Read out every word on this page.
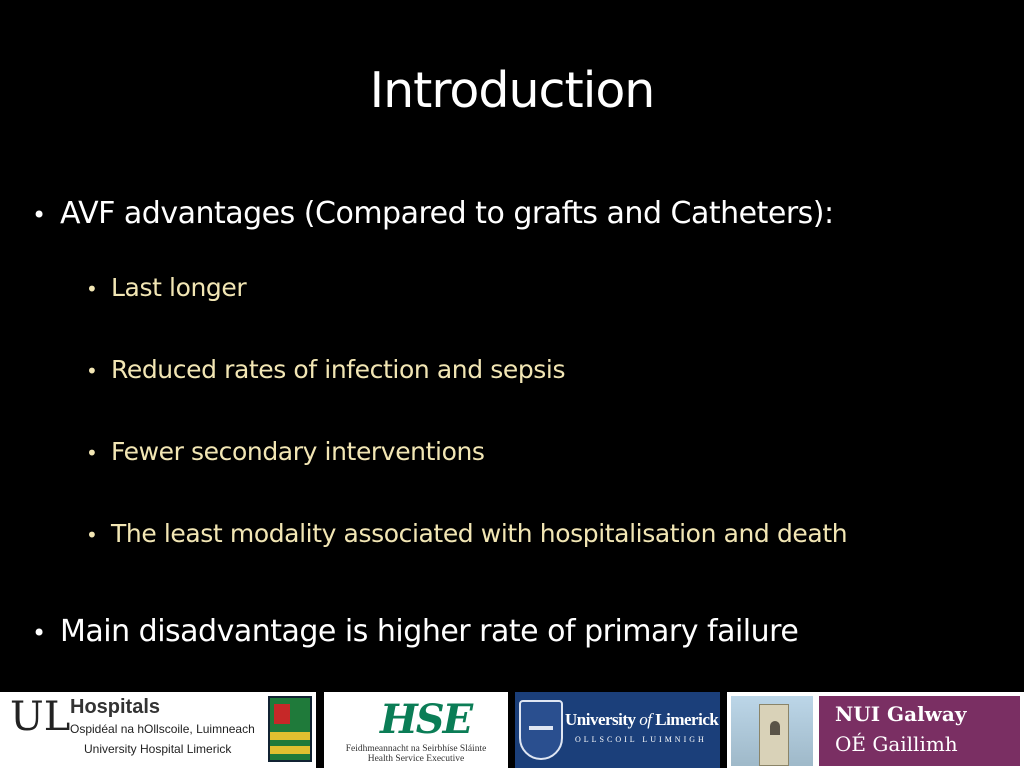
Introduction
• AVF advantages (Compared to grafts and Catheters):
• Last longer
• Reduced rates of infection and sepsis
• Fewer secondary interventions
• The least modality associated with hospitalisation and death
• Main disadvantage is higher rate of primary failure
UL Hospitals
Ospidéal na hOllscoile, Luimneach
University Hospital Limerick
HSE
Feidhmeannacht na Seirbhíse Sláinte
Health Service Executive
University of Limerick
OLLSCOIL LUIMNIGH
NUI Galway
OÉ Gaillimh
